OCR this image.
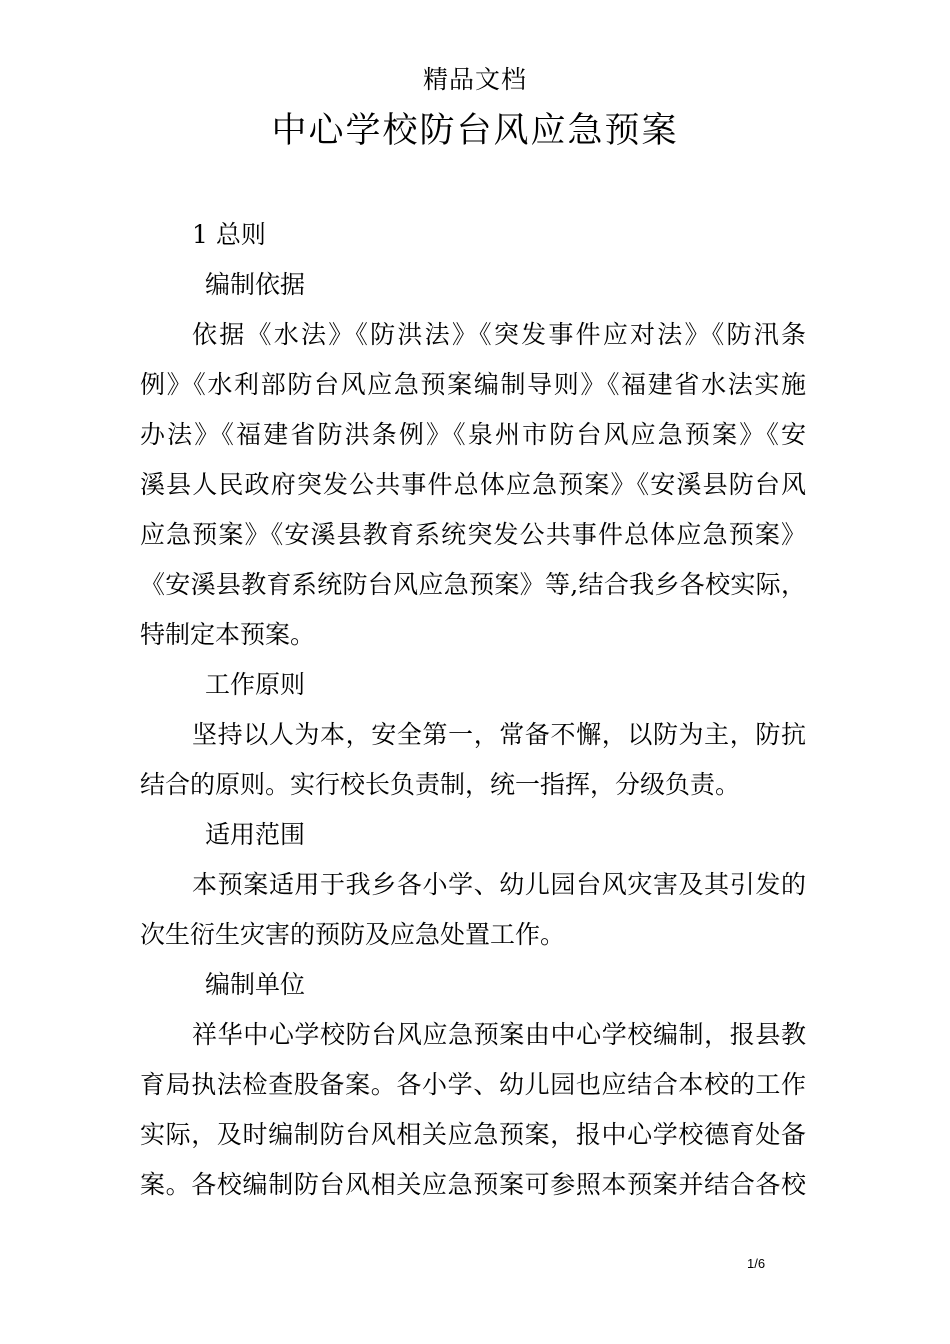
精品文档
中心学校防台风应急预案

1 总则

编制依据

依据《水法》《防洪法》《突发事件应对法》《防汛条

例》《水利部防台风应急预案编制导则》《福建省水法实施

办法》《福建省防洪条例》《泉州市防台风应急预案》《安

溪县人民政府突发公共事件总体应急预案》《安溪县防台风

应急预案》《安溪县教育系统突发公共事件总体应急预案》

《安溪县教育系统防台风应急预案》等,结合我乡各校实际，

特制定本预案。

工作原则

坚持以人为本，安全第一，常备不懈，以防为主，防抗

结合的原则。实行校长负责制，统一指挥，分级负责。

适用范围

本预案适用于我乡各小学、幼儿园台风灾害及其引发的

次生衍生灾害的预防及应急处置工作。

编制单位

祥华中心学校防台风应急预案由中心学校编制，报县教

育局执法检查股备案。各小学、幼儿园也应结合本校的工作

实际，及时编制防台风相关应急预案，报中心学校德育处备

案。各校编制防台风相关应急预案可参照本预案并结合各校

1/6
